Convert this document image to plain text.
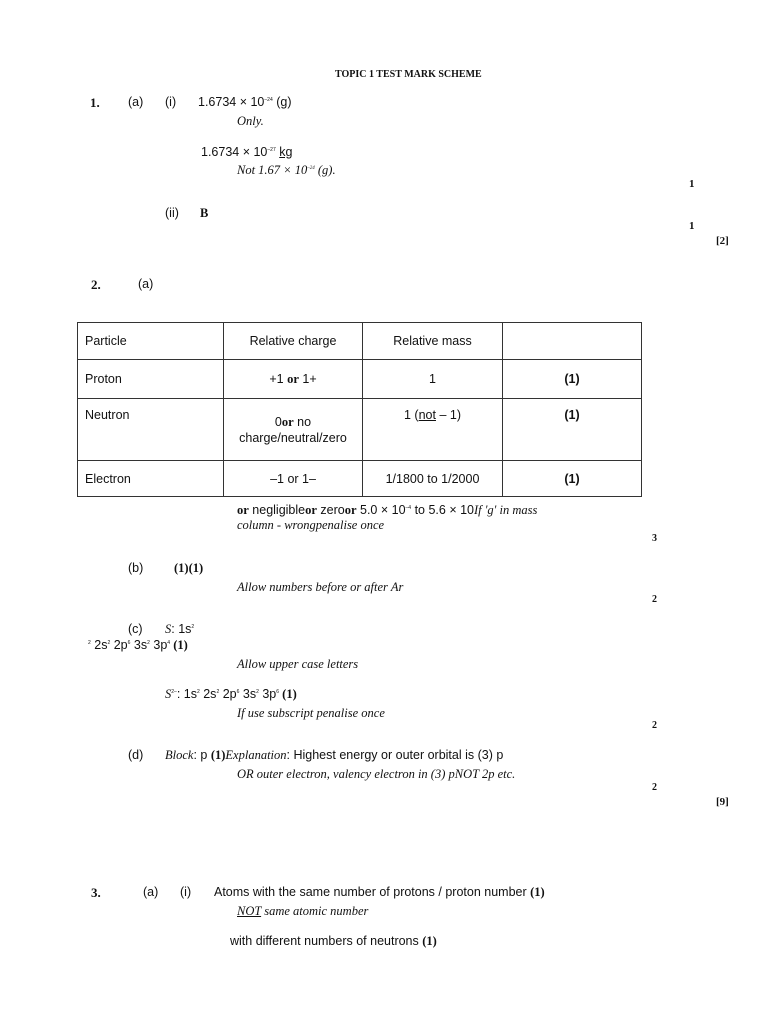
TOPIC 1 TEST MARK SCHEME
1. (a) (i) $1.6734 \times 10^{-24}$ (g)
Only.
$1.6734 \times 10^{-27}$ kg
Not $1.67 \times 10^{-24}$ (g).
1
(ii) B
1
[2]
2.	(a)
Particle	Relative charge	Relative mass	
Proton	+1 or 1+	1	(1)
Neutron	0or no charge/neutral/zero	1 (not – 1)	(1)
Electron	–1 or 1–	1/1800 to 1/2000	(1)
or negligibleor zeroor $5.0 \times 10^{-4}$ to 5.6 × 10If 'g' in mass
column - wrongpenalise once
3
(b) (1)(1)
Allow numbers before or after Ar
2
(c) S: $1s^2$
$^2$ $2s^2$ $2p^6$ $3s^2$ $3p^4$ (1)
Allow upper case letters
$S^{2-}$: $1s^2$ $2s^2$ $2p^6$ $3s^2$ $3p^6$ (1)
If use subscript penalise once
2
(d) Block: p (1)Explanation: Highest energy or outer orbital is (3) p
OR outer electron, valency electron in (3) pNOT 2p etc.
2
[9]
3.	(a) (i) Atoms with the same number of protons / proton number (1)
NOT same atomic number
with different numbers of neutrons (1)
